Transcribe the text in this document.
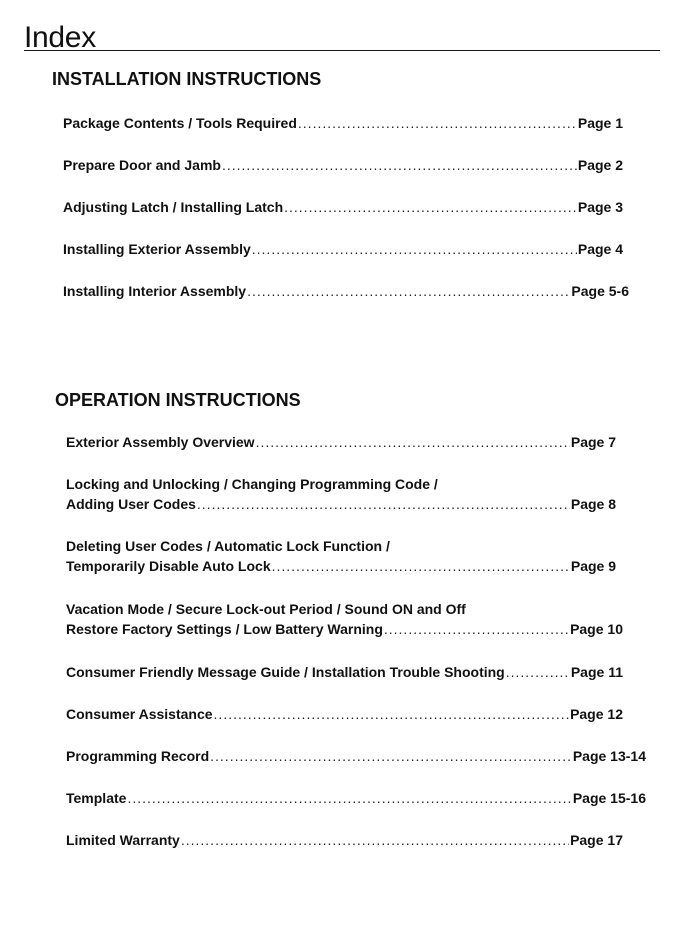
Index
INSTALLATION INSTRUCTIONS
Package Contents / Tools Required .....	Page 1
Prepare Door and Jamb .....	Page 2
Adjusting Latch / Installing Latch .....	Page 3
Installing Exterior Assembly .....	Page 4
Installing Interior Assembly .....	Page 5-6
OPERATION INSTRUCTIONS
Exterior Assembly Overview .....	Page 7
Locking and Unlocking / Changing Programming Code /
Adding User Codes .....	Page 8
Deleting User Codes / Automatic Lock Function /
Temporarily Disable Auto Lock .....	Page 9
Vacation Mode / Secure Lock-out Period / Sound ON and Off
Restore Factory Settings / Low Battery Warning .....	Page 10
Consumer Friendly Message Guide / Installation Trouble Shooting .....	Page 11
Consumer Assistance .....	Page 12
Programming Record .....	Page 13-14
Template .....	Page 15-16
Limited Warranty .....	Page 17
